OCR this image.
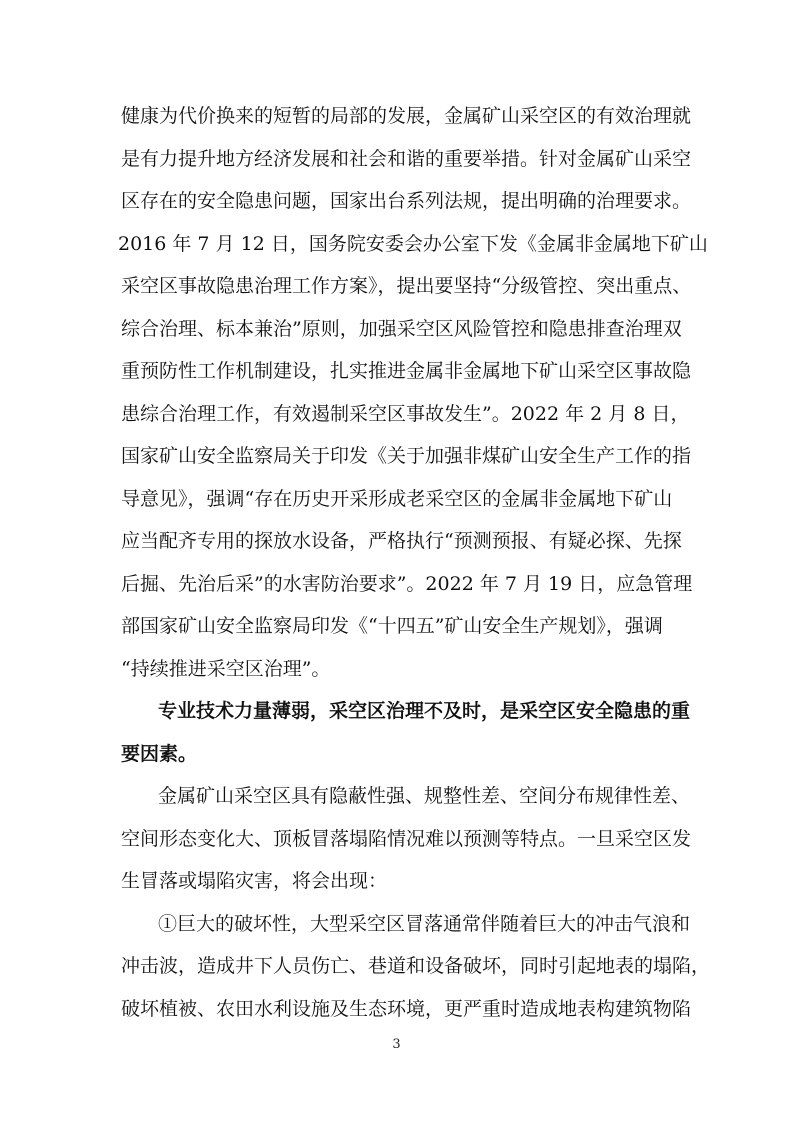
健康为代价换来的短暂的局部的发展，金属矿山采空区的有效治理就
是有力提升地方经济发展和社会和谐的重要举措。针对金属矿山采空
区存在的安全隐患问题，国家出台系列法规，提出明确的治理要求。
2016 年 7 月 12 日，国务院安委会办公室下发《金属非金属地下矿山
采空区事故隐患治理工作方案》，提出要坚持“分级管控、突出重点、
综合治理、标本兼治”原则，加强采空区风险管控和隐患排查治理双
重预防性工作机制建设，扎实推进金属非金属地下矿山采空区事故隐
患综合治理工作，有效遏制采空区事故发生”。2022 年 2 月 8 日，
国家矿山安全监察局关于印发《关于加强非煤矿山安全生产工作的指
导意见》，强调“存在历史开采形成老采空区的金属非金属地下矿山
应当配齐专用的探放水设备，严格执行“预测预报、有疑必探、先探
后掘、先治后采”的水害防治要求”。2022 年 7 月 19 日，应急管理
部国家矿山安全监察局印发《“十四五”矿山安全生产规划》，强调
“持续推进采空区治理”。
专业技术力量薄弱，采空区治理不及时，是采空区安全隐患的重
要因素。
金属矿山采空区具有隐蔽性强、规整性差、空间分布规律性差、
空间形态变化大、顶板冒落塌陷情况难以预测等特点。一旦采空区发
生冒落或塌陷灾害，将会出现：
①巨大的破坏性，大型采空区冒落通常伴随着巨大的冲击气浪和
冲击波，造成井下人员伤亡、巷道和设备破坏，同时引起地表的塌陷，
破坏植被、农田水利设施及生态环境，更严重时造成地表构建筑物陷
3
